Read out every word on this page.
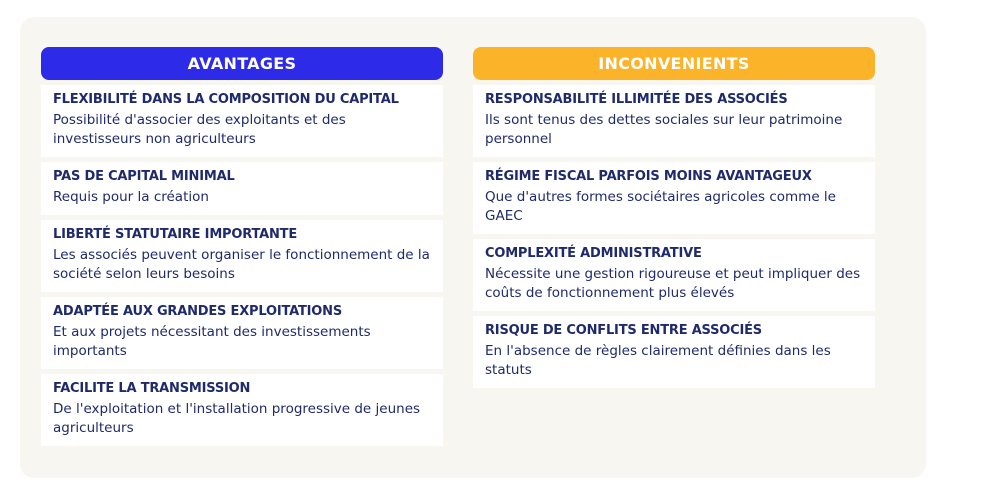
AVANTAGES
FLEXIBILITÉ DANS LA COMPOSITION DU CAPITAL
Possibilité d'associer des exploitants et des investisseurs non agriculteurs
PAS DE CAPITAL MINIMAL
Requis pour la création
LIBERTÉ STATUTAIRE IMPORTANTE
Les associés peuvent organiser le fonctionnement de la société selon leurs besoins
ADAPTÉE AUX GRANDES EXPLOITATIONS
Et aux projets nécessitant des investissements importants
FACILITE LA TRANSMISSION
De l'exploitation et l'installation progressive de jeunes agriculteurs
INCONVENIENTS
RESPONSABILITÉ ILLIMITÉE DES ASSOCIÉS
Ils sont tenus des dettes sociales sur leur patrimoine personnel
RÉGIME FISCAL PARFOIS MOINS AVANTAGEUX
Que d'autres formes sociétaires agricoles comme le GAEC
COMPLEXITÉ ADMINISTRATIVE
Nécessite une gestion rigoureuse et peut impliquer des coûts de fonctionnement plus élevés
RISQUE DE CONFLITS ENTRE ASSOCIÉS
En l'absence de règles clairement définies dans les statuts
